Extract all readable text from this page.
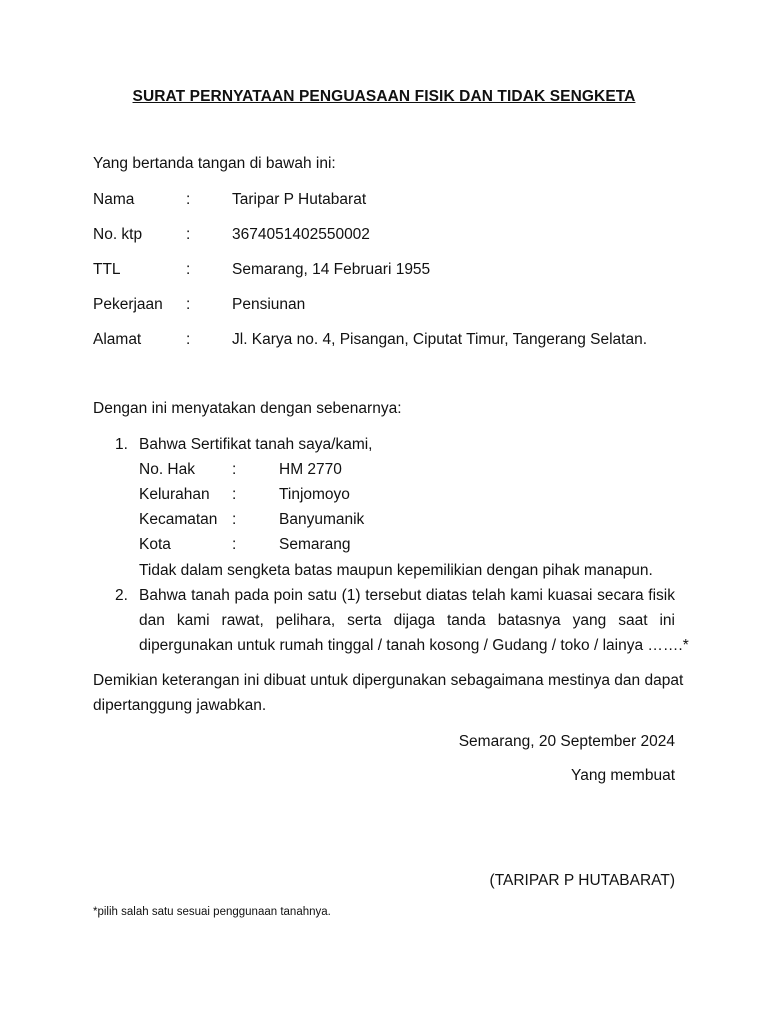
SURAT PERNYATAAN PENGUASAAN FISIK DAN TIDAK SENGKETA
Yang bertanda tangan di bawah ini:
Nama	:	Taripar P Hutabarat
No. ktp	:	3674051402550002
TTL	:	Semarang, 14 Februari 1955
Pekerjaan :	Pensiunan
Alamat	:	Jl. Karya no. 4, Pisangan, Ciputat Timur, Tangerang Selatan.
Dengan ini menyatakan dengan sebenarnya:
1. Bahwa Sertifikat tanah saya/kami,
No. Hak :	HM 2770
Kelurahan :	Tinjomoyo
Kecamatan :	Banyumanik
Kota	:	Semarang
Tidak dalam sengketa batas maupun kepemilikian dengan pihak manapun.
2. Bahwa tanah pada poin satu (1) tersebut diatas telah kami kuasai secara fisik
dan kami rawat, pelihara, serta dijaga tanda batasnya yang saat ini
dipergunakan untuk rumah tinggal / tanah kosong / Gudang / toko / lainya …….*
Demikian keterangan ini dibuat untuk dipergunakan sebagaimana mestinya dan dapat
dipertanggung jawabkan.
Semarang, 20 September 2024
Yang membuat
(TARIPAR P HUTABARAT)
*pilih salah satu sesuai penggunaan tanahnya.
